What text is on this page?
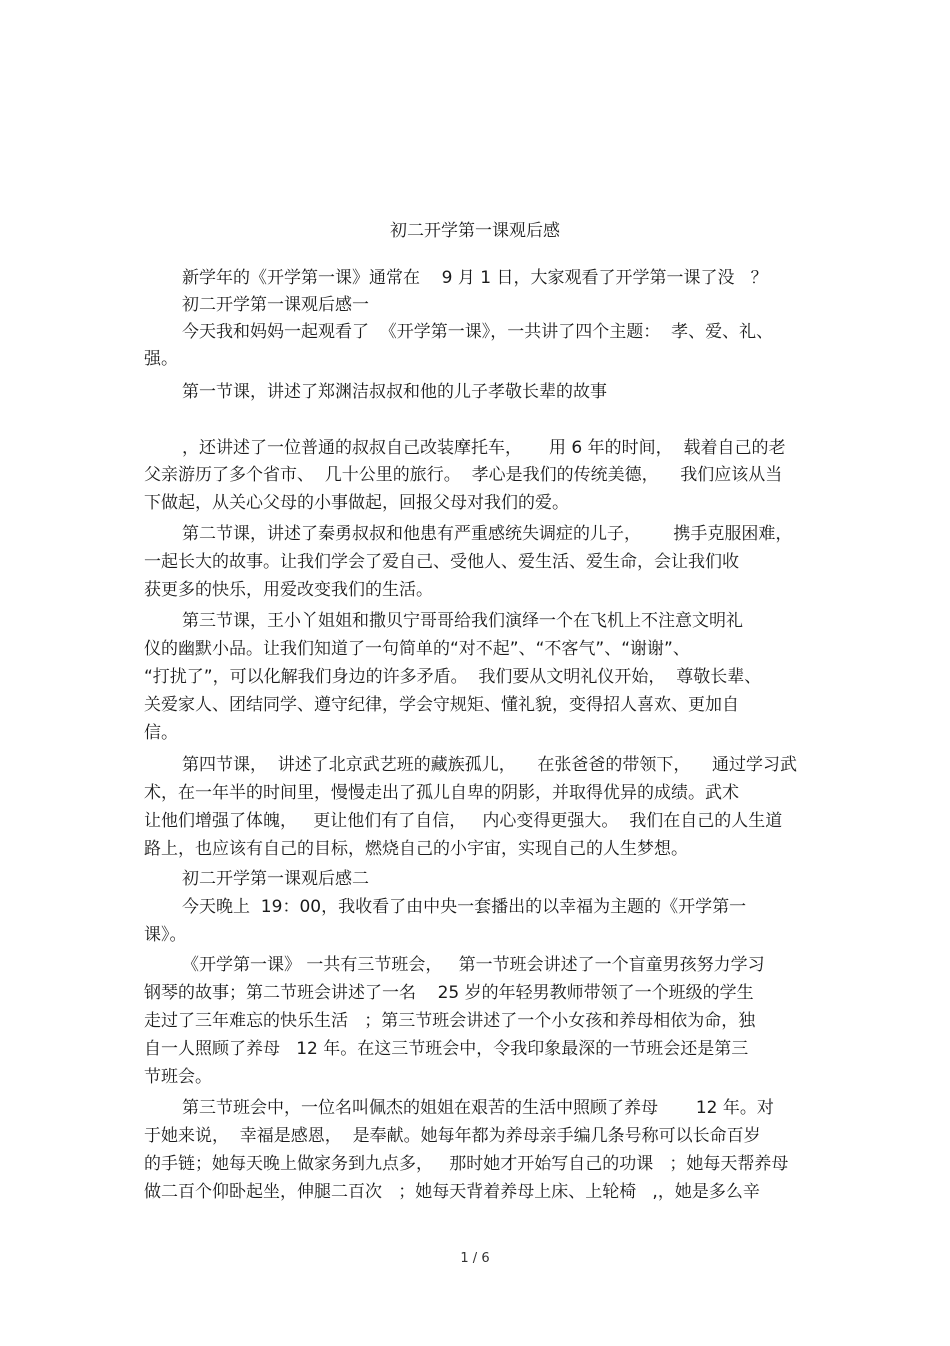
初二开学第一课观后感
新学年的《开学第一课》通常在    9 月 1 日，大家观看了开学第一课了没   ？
初二开学第一课观后感一
今天我和妈妈一起观看了  《开学第一课》，一共讲了四个主题：  孝、爱、礼、
强。
第一节课，讲述了郑渊洁叔叔和他的儿子孝敬长辈的故事
，还讲述了一位普通的叔叔自己改装摩托车，     用 6 年的时间，  载着自己的老
父亲游历了多个省市、  几十公里的旅行。  孝心是我们的传统美德，    我们应该从当
下做起，从关心父母的小事做起，回报父母对我们的爱。
第二节课，讲述了秦勇叔叔和他患有严重感统失调症的儿子，      携手克服困难，
一起长大的故事。让我们学会了爱自己、受他人、爱生活、爱生命，会让我们收
获更多的快乐，用爱改变我们的生活。
第三节课，王小丫姐姐和撒贝宁哥哥给我们演绎一个在飞机上不注意文明礼
仪的幽默小品。让我们知道了一句简单的“对不起”、“不客气”、“谢谢”、
“打扰了”，可以化解我们身边的许多矛盾。  我们要从文明礼仪开始，  尊敬长辈、
关爱家人、团结同学、遵守纪律，学会守规矩、懂礼貌，变得招人喜欢、更加自
信。
第四节课，  讲述了北京武艺班的藏族孤儿，    在张爸爸的带领下，    通过学习武
术，在一年半的时间里，慢慢走出了孤儿自卑的阴影，并取得优异的成绩。武术
让他们增强了体魄，   更让他们有了自信，   内心变得更强大。  我们在自己的人生道
路上，也应该有自己的目标，燃烧自己的小宇宙，实现自己的人生梦想。
初二开学第一课观后感二
今天晚上  19：00，我收看了由中央一套播出的以幸福为主题的《开学第一
课》。
《开学第一课》 一共有三节班会，   第一节班会讲述了一个盲童男孩努力学习
钢琴的故事；第二节班会讲述了一名    25 岁的年轻男教师带领了一个班级的学生
走过了三年难忘的快乐生活   ；第三节班会讲述了一个小女孩和养母相依为命，独
自一人照顾了养母   12 年。在这三节班会中，令我印象最深的一节班会还是第三
节班会。
第三节班会中，一位名叫佩杰的姐姐在艰苦的生活中照顾了养母       12 年。对
于她来说，  幸福是感恩，  是奉献。她每年都为养母亲手编几条号称可以长命百岁
的手链；她每天晚上做家务到九点多，   那时她才开始写自己的功课   ；她每天帮养母
做二百个仰卧起坐，伸腿二百次   ；她每天背着养母上床、上轮椅   ,，她是多么辛
1 / 6
